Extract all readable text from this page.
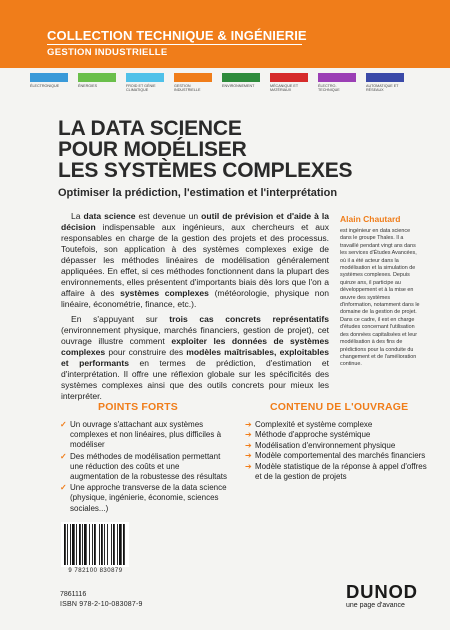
COLLECTION TECHNIQUE & INGÉNIERIE
GESTION INDUSTRIELLE
ÉLECTRONIQUE	ÉNERGIES	FROID ET GÉNIE CLIMATIQUE
GESTION INDUSTRIELLE
ENVIRONNEMENT	MÉCANIQUE ET MATÉRIAUX
ÉLECTRO-TECHNIQUE
AUTOMATIQUE ET RÉSEAUX
LA DATA SCIENCE
POUR MODÉLISER
LES SYSTÈMES COMPLEXES
Optimiser la prédiction, l'estimation et l'interprétation

La data science est devenue un outil de prévision et d'aide à la décision indispensable aux ingénieurs, aux chercheurs et aux responsables en charge de la gestion des projets et des processus. Toutefois, son application à des systèmes complexes exige de dépasser les méthodes linéaires de modélisation généralement appliquées. En effet, si ces méthodes fonctionnent dans la plupart des environnements, elles présentent d'importants biais dès lors que l'on a affaire à des systèmes complexes (météorologie, physique non linéaire, économétrie, finance, etc.).

En s'appuyant sur trois cas concrets représentatifs (environnement physique, marchés financiers, gestion de projet), cet ouvrage illustre comment exploiter les données de systèmes complexes pour construire des modèles maîtrisables, exploitables et performants en termes de prédiction, d'estimation et d'interprétation. Il offre une réflexion globale sur les spécificités des systèmes complexes ainsi que des outils concrets pour mieux les interpréter.

Alain Chautard
est ingénieur en data science dans le groupe Thales. Il a travaillé pendant vingt ans dans les services d'Études Avancées, où il a été acteur dans la modélisation et la simulation de systèmes complexes. Depuis quinze ans, il participe au développement et à la mise en œuvre des systèmes d'information, notamment dans le domaine de la gestion de projet. Dans ce cadre, il est en charge d'études concernant l'utilisation des données capitalisées et leur modélisation à des fins de prédictions pour la conduite du changement et de l'amélioration continue.
POINTS FORTS	CONTENU DE L'OUVRAGE
✓ Un ouvrage s'attachant aux systèmes complexes et non linéaires, plus difficiles à modéliser
✓ Des méthodes de modélisation permettant une réduction des coûts et une augmentation de la robustesse des résultats
✓ Une approche transverse de la data science (physique, ingénierie, économie, sciences sociales...)
➔ Complexité et système complexe
➔ Méthode d'approche systémique
➔ Modélisation d'environnement physique
➔ Modèle comportemental des marchés financiers
➔ Modèle statistique de la réponse à appel d'offres et de la gestion de projets
9 782100 830879
7861116
ISBN 978-2-10-083087-9
DUNOD
une page d'avance
